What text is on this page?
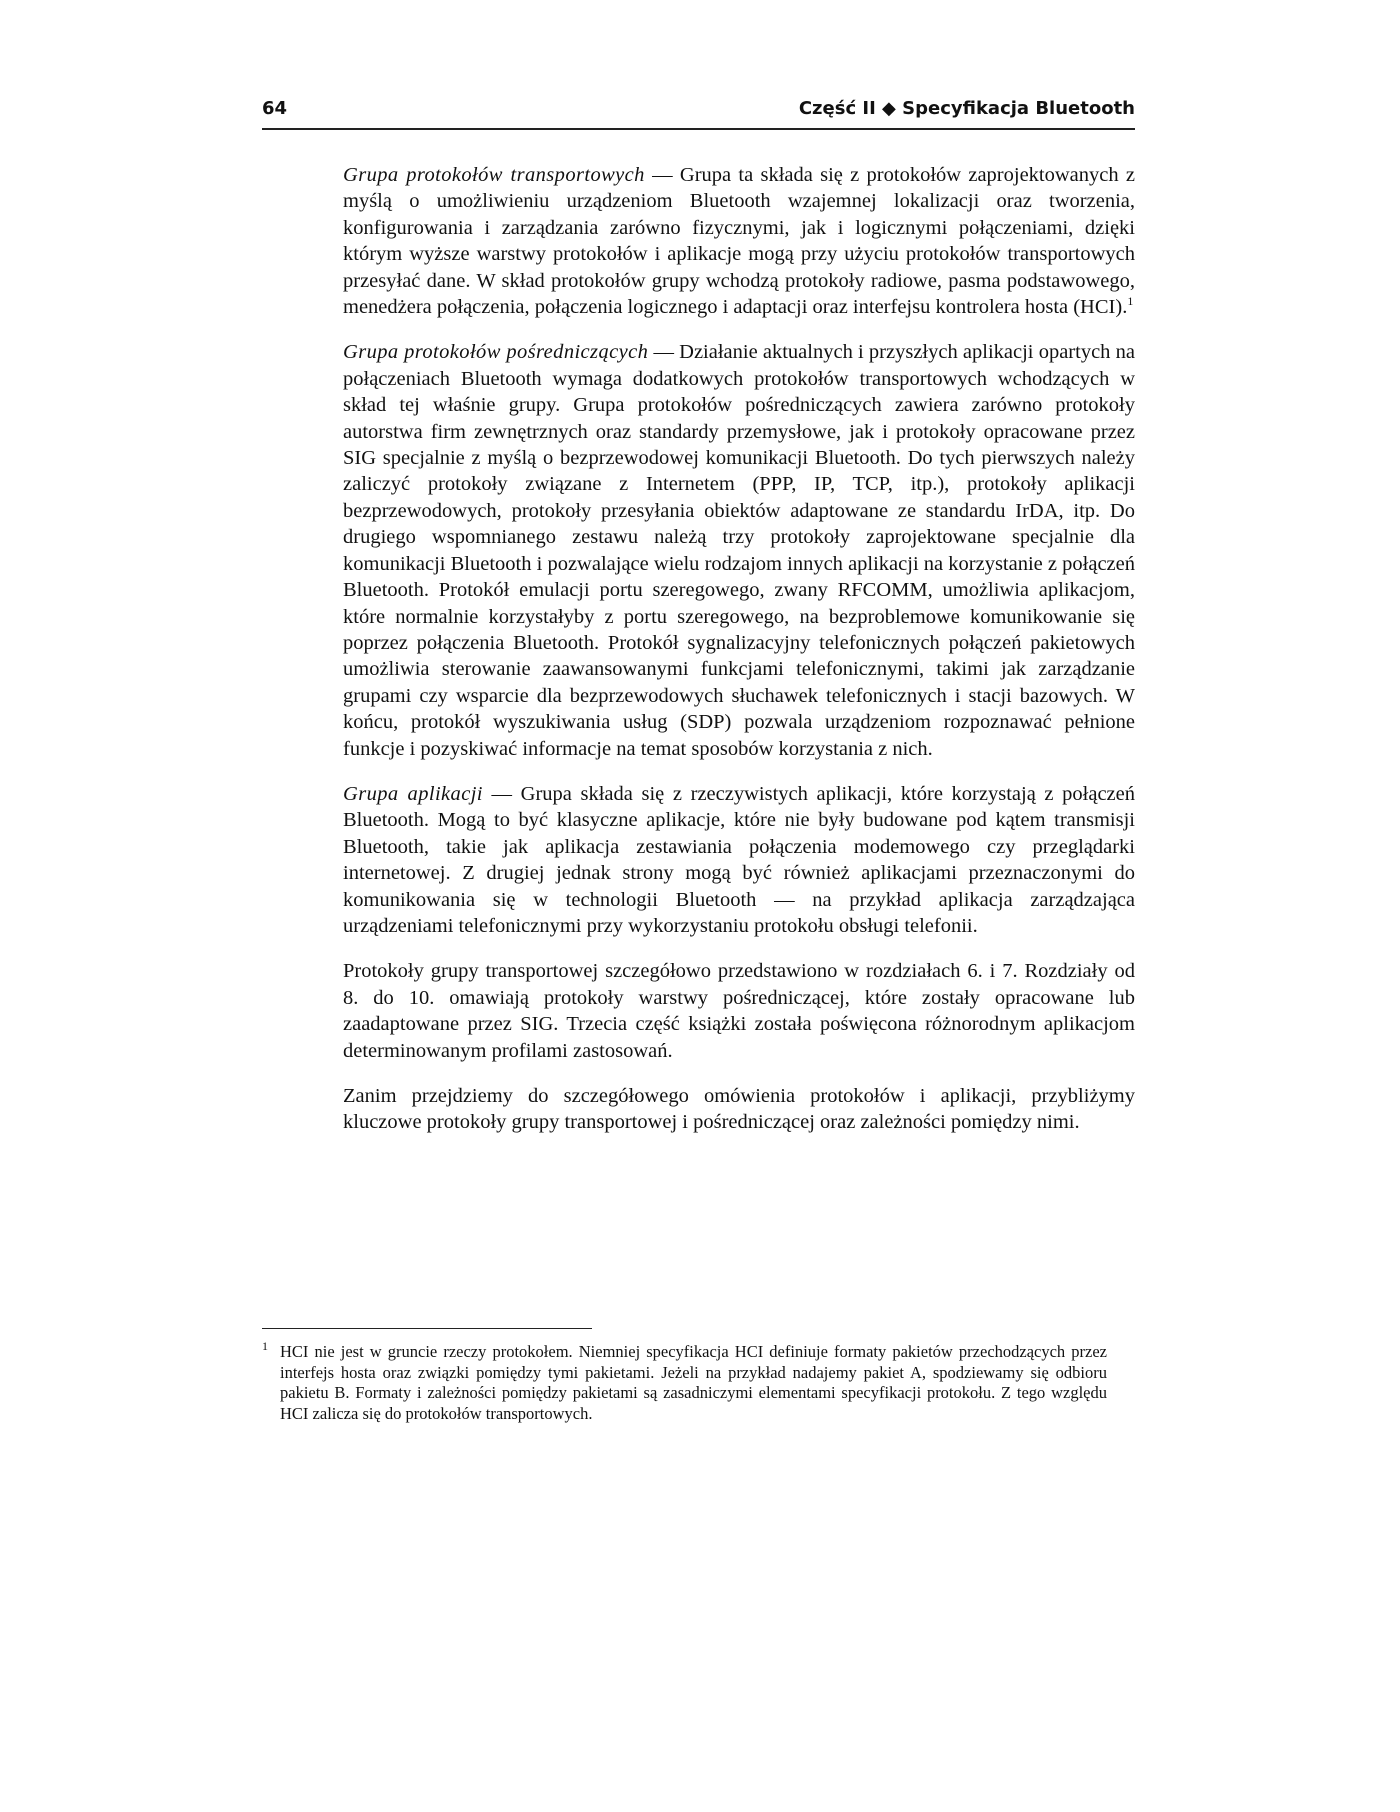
64	Część II ◆ Specyfikacja Bluetooth

Grupa protokołów transportowych — Grupa ta składa się z protokołów zaprojektowanych z myślą o umożliwieniu urządzeniom Bluetooth wzajemnej lokalizacji oraz tworzenia, konfigurowania i zarządzania zarówno fizycznymi, jak i logicznymi połączeniami, dzięki którym wyższe warstwy protokołów i aplikacje mogą przy użyciu protokołów transportowych przesyłać dane. W skład protokołów grupy wchodzą protokoły radiowe, pasma podstawowego, menedżera połączenia, połączenia logicznego i adaptacji oraz interfejsu kontrolera hosta (HCI).$^1$

Grupa protokołów pośredniczących — Działanie aktualnych i przyszłych aplikacji opartych na połączeniach Bluetooth wymaga dodatkowych protokołów transportowych wchodzących w skład tej właśnie grupy. Grupa protokołów pośredniczących zawiera zarówno protokoły autorstwa firm zewnętrznych oraz standardy przemysłowe, jak i protokoły opracowane przez SIG specjalnie z myślą o bezprzewodowej komunikacji Bluetooth. Do tych pierwszych należy zaliczyć protokoły związane z Internetem (PPP, IP, TCP, itp.), protokoły aplikacji bezprzewodowych, protokoły przesyłania obiektów adaptowane ze standardu IrDA, itp. Do drugiego wspomnianego zestawu należą trzy protokoły zaprojektowane specjalnie dla komunikacji Bluetooth i pozwalające wielu rodzajom innych aplikacji na korzystanie z połączeń Bluetooth. Protokół emulacji portu szeregowego, zwany RFCOMM, umożliwia aplikacjom, które normalnie korzystałyby z portu szeregowego, na bezproblemowe komunikowanie się poprzez połączenia Bluetooth. Protokół sygnalizacyjny telefonicznych połączeń pakietowych umożliwia sterowanie zaawansowanymi funkcjami telefonicznymi, takimi jak zarządzanie grupami czy wsparcie dla bezprzewodowych słuchawek telefonicznych i stacji bazowych. W końcu, protokół wyszukiwania usług (SDP) pozwala urządzeniom rozpoznawać pełnione funkcje i pozyskiwać informacje na temat sposobów korzystania z nich.

Grupa aplikacji — Grupa składa się z rzeczywistych aplikacji, które korzystają z połączeń Bluetooth. Mogą to być klasyczne aplikacje, które nie były budowane pod kątem transmisji Bluetooth, takie jak aplikacja zestawiania połączenia modemowego czy przeglądarki internetowej. Z drugiej jednak strony mogą być również aplikacjami przeznaczonymi do komunikowania się w technologii Bluetooth — na przykład aplikacja zarządzająca urządzeniami telefonicznymi przy wykorzystaniu protokołu obsługi telefonii.

Protokoły grupy transportowej szczegółowo przedstawiono w rozdziałach 6. i 7. Rozdziały od 8. do 10. omawiają protokoły warstwy pośredniczącej, które zostały opracowane lub zaadaptowane przez SIG. Trzecia część książki została poświęcona różnorodnym aplikacjom determinowanym profilami zastosowań.

Zanim przejdziemy do szczegółowego omówienia protokołów i aplikacji, przybliżymy kluczowe protokoły grupy transportowej i pośredniczącej oraz zależności pomiędzy nimi.

1 HCI nie jest w gruncie rzeczy protokołem. Niemniej specyfikacja HCI definiuje formaty pakietów przechodzących przez interfejs hosta oraz związki pomiędzy tymi pakietami. Jeżeli na przykład nadajemy pakiet A, spodziewamy się odbioru pakietu B. Formaty i zależności pomiędzy pakietami są zasadniczymi elementami specyfikacji protokołu. Z tego względu HCI zalicza się do protokołów transportowych.
